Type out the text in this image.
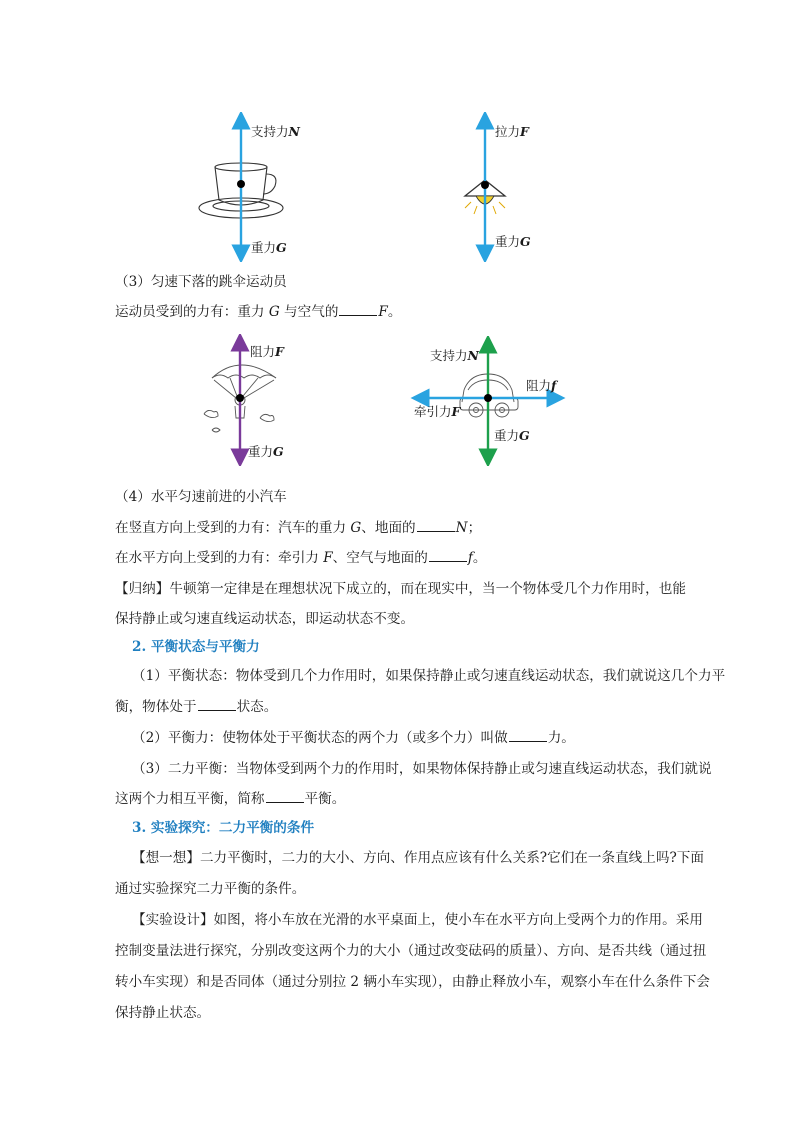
支持力N
重力G
拉力F
重力G
（3）匀速下落的跳伞运动员
运动员受到的力有：重力 G 与空气的	F。
阻力F
重力G
支持力N
阻力f
牵引力F
重力G
（4）水平匀速前进的小汽车
在竖直方向上受到的力有：汽车的重力 G、地面的	N；
在水平方向上受到的力有：牵引力 F、空气与地面的	f。
【归纳】牛顿第一定律是在理想状况下成立的，而在现实中，当一个物体受几个力作用时，也能
保持静止或匀速直线运动状态，即运动状态不变。
2. 平衡状态与平衡力
（1）平衡状态：物体受到几个力作用时，如果保持静止或匀速直线运动状态，我们就说这几个力平
衡，物体处于	状态。
（2）平衡力：使物体处于平衡状态的两个力（或多个力）叫做	力。
（3）二力平衡：当物体受到两个力的作用时，如果物体保持静止或匀速直线运动状态，我们就说
这两个力相互平衡，简称	平衡。
3. 实验探究：二力平衡的条件
【想一想】二力平衡时，二力的大小、方向、作用点应该有什么关系?它们在一条直线上吗?下面
通过实验探究二力平衡的条件。
【实验设计】如图，将小车放在光滑的水平桌面上，使小车在水平方向上受两个力的作用。采用
控制变量法进行探究，分别改变这两个力的大小（通过改变砝码的质量）、方向、是否共线（通过扭
转小车实现）和是否同体（通过分别拉 2 辆小车实现），由静止释放小车，观察小车在什么条件下会
保持静止状态。
